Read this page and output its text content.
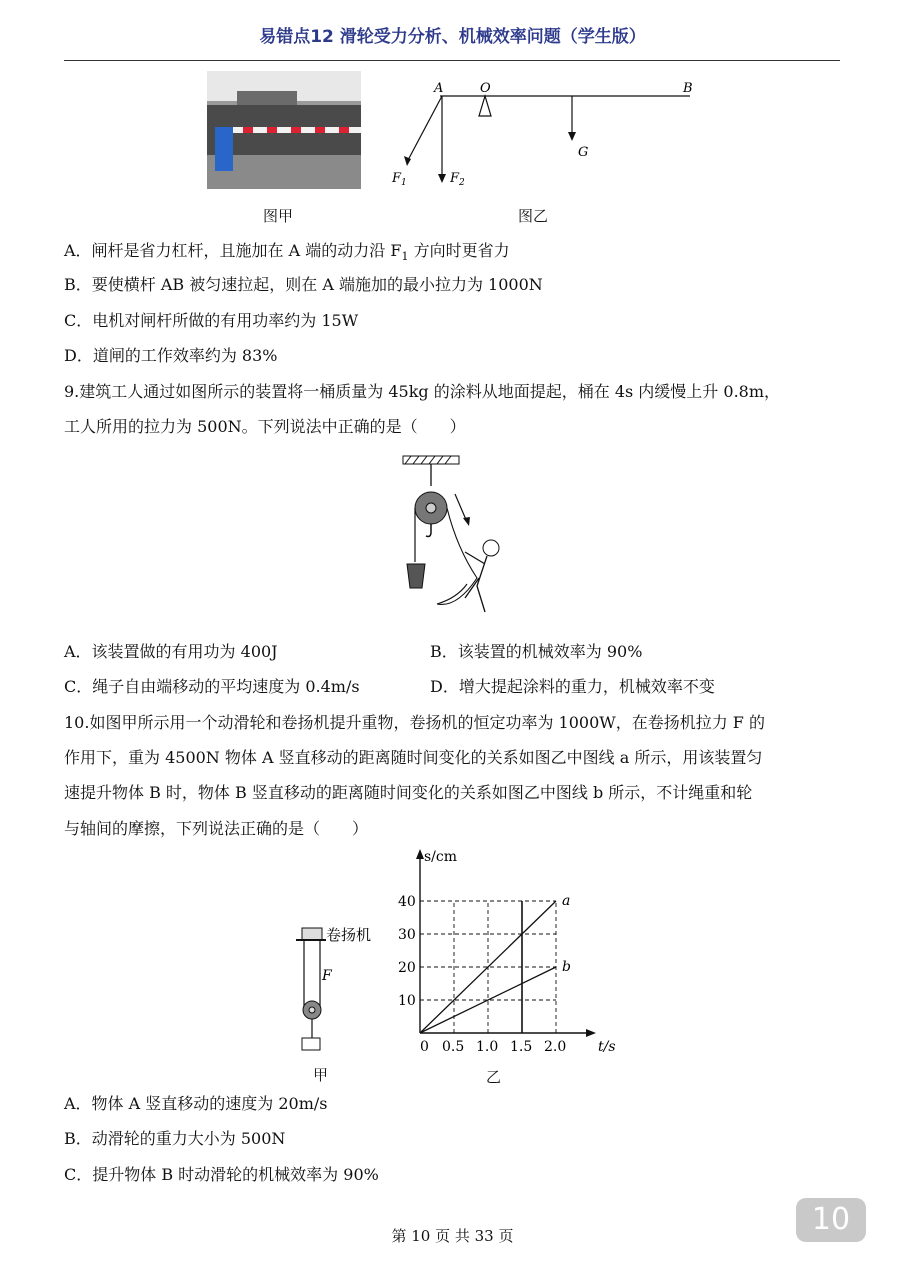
易错点12 滑轮受力分析、机械效率问题（学生版）
图甲
A	O	B
G
$F_1$	$F_2$
图乙
A．闸杆是省力杠杆，且施加在 A 端的动力沿 $F_1$ 方向时更省力
B．要使横杆 AB 被匀速拉起，则在 A 端施加的最小拉力为 1000N
C．电机对闸杆所做的有用功率约为 15W
D．道闸的工作效率约为 83%
9.建筑工人通过如图所示的装置将一桶质量为 45kg 的涂料从地面提起，桶在 4s 内缓慢上升 0.8m，
工人所用的拉力为 500N。下列说法中正确的是（　　）
A．该装置做的有用功为 400J	B．该装置的机械效率为 90%
C．绳子自由端移动的平均速度为 0.4m/s	D．增大提起涂料的重力，机械效率不变
10.如图甲所示用一个动滑轮和卷扬机提升重物，卷扬机的恒定功率为 1000W，在卷扬机拉力 F 的
作用下，重为 4500N 物体 A 竖直移动的距离随时间变化的关系如图乙中图线 a 所示，用该装置匀
速提升物体 B 时，物体 B 竖直移动的距离随时间变化的关系如图乙中图线 b 所示，不计绳重和轮
与轴间的摩擦，下列说法正确的是（　　）
卷扬机
F
甲
0 0.5 1.0 1.5 2.0
10
20
30
40
t/s
s/cm
a
b
乙
A．物体 A 竖直移动的速度为 20m/s
B．动滑轮的重力大小为 500N
C．提升物体 B 时动滑轮的机械效率为 90%
第 10 页 共 33 页	10
